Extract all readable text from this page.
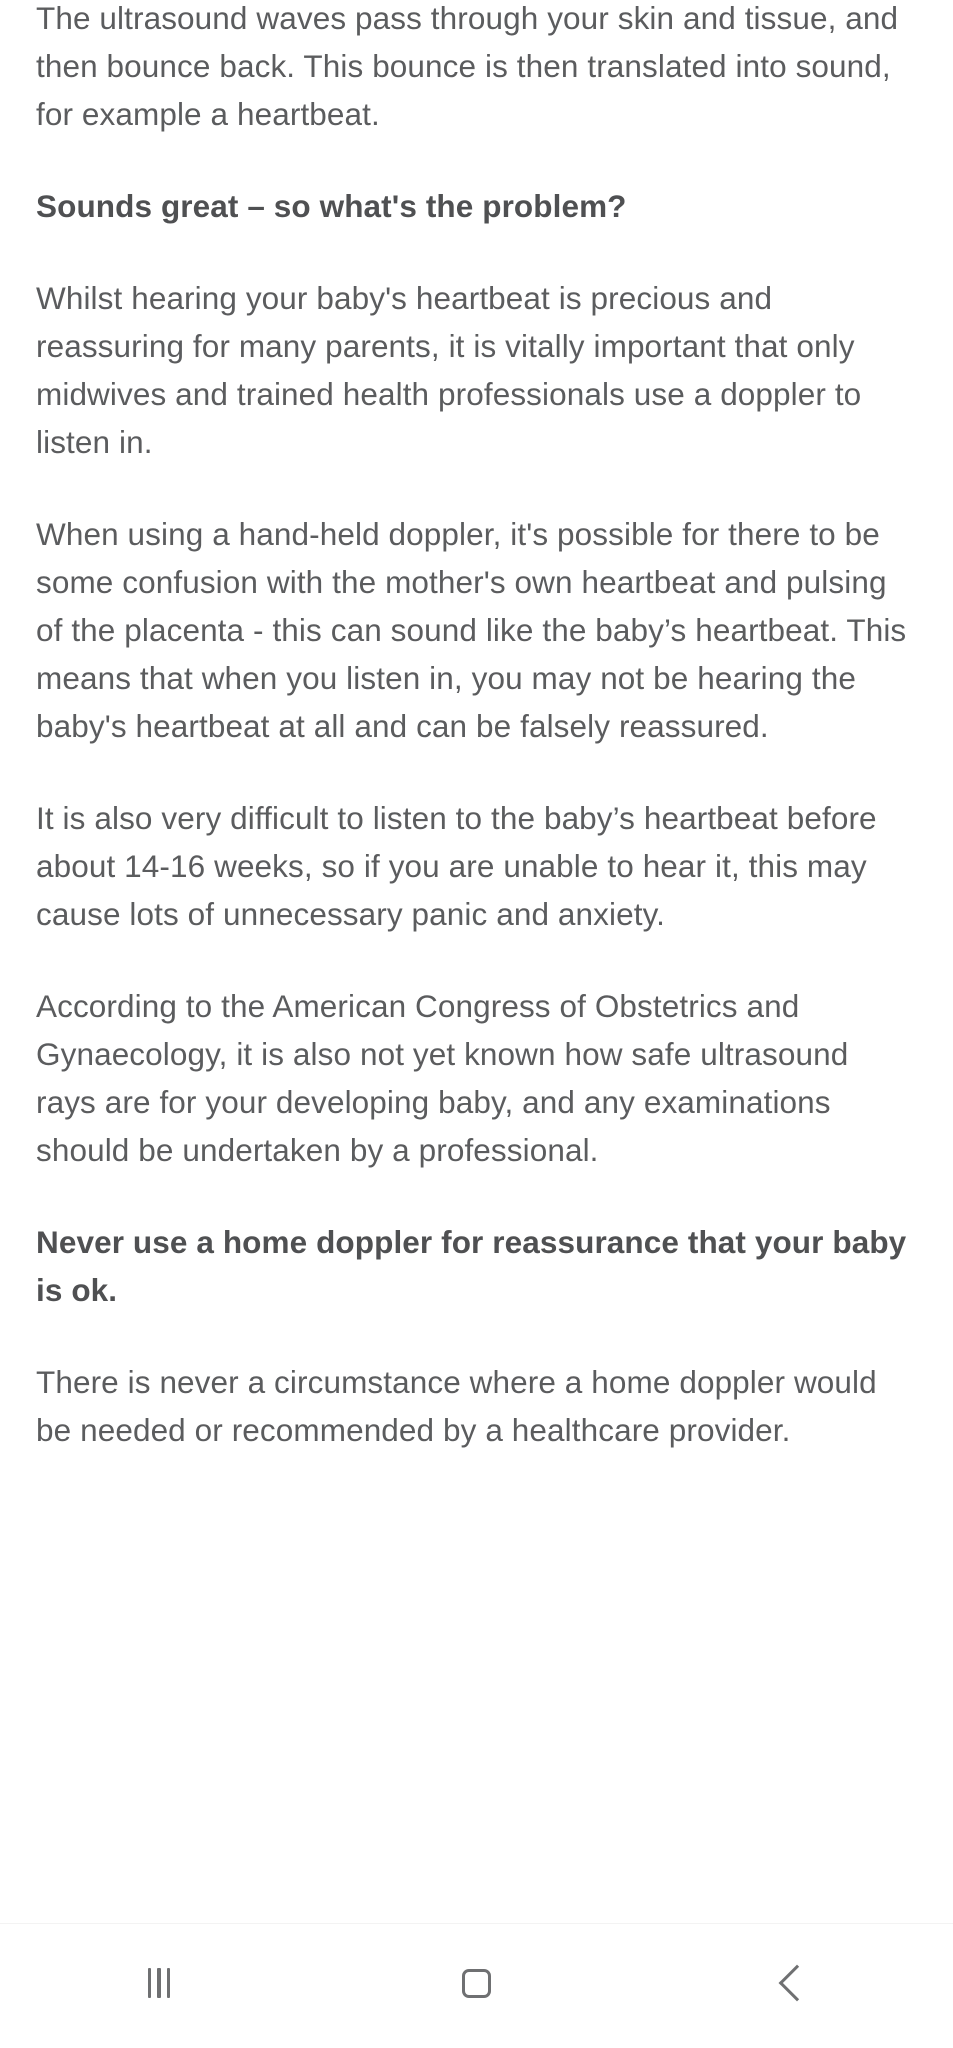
The ultrasound waves pass through your skin and tissue, and then bounce back. This bounce is then translated into sound, for example a heartbeat.

Sounds great – so what's the problem?

Whilst hearing your baby's heartbeat is precious and reassuring for many parents, it is vitally important that only midwives and trained health professionals use a doppler to listen in.

When using a hand-held doppler, it's possible for there to be some confusion with the mother's own heartbeat and pulsing of the placenta - this can sound like the baby’s heartbeat. This means that when you listen in, you may not be hearing the baby's heartbeat at all and can be falsely reassured.

It is also very difficult to listen to the baby’s heartbeat before about 14-16 weeks, so if you are unable to hear it, this may cause lots of unnecessary panic and anxiety.

According to the American Congress of Obstetrics and Gynaecology, it is also not yet known how safe ultrasound rays are for your developing baby, and any examinations should be undertaken by a professional.

Never use a home doppler for reassurance that your baby is ok.

There is never a circumstance where a home doppler would be needed or recommended by a healthcare provider.
